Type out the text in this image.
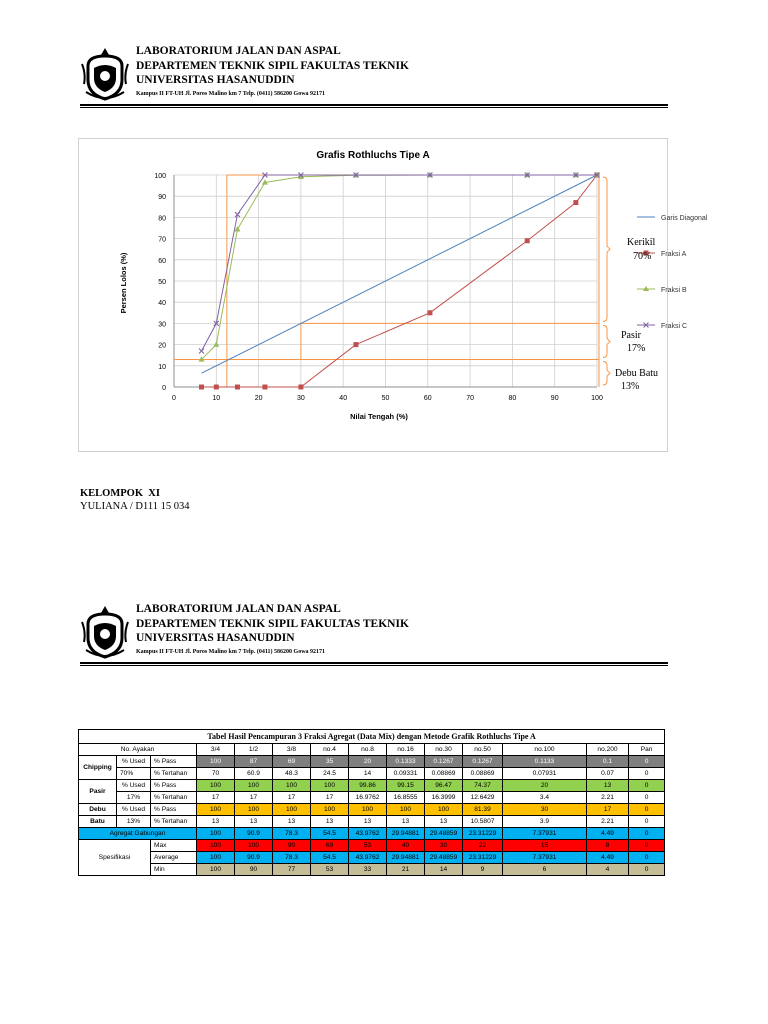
LABORATORIUM JALAN DAN ASPAL
DEPARTEMEN TEKNIK SIPIL FAKULTAS TEKNIK
UNIVERSITAS HASANUDDIN
Kampus II FT-UH Jl. Poros Malino km 7 Telp. (0411) 586200 Gowa 92171
Grafis Rothluchs Tipe A
0
10
20
30
40
50
60
70
80
90
100
0	10	20	30	40	50	60	70	80	90	100
Nilai Tengah (%)
Persen Lolos (%)
Garis Diagonal
Fraksi A
Fraksi B
Fraksi C
Kerikil
70%
Pasir
17%
Debu Batu
13%
KELOMPOK  XI
YULIANA / D111 15 034
LABORATORIUM JALAN DAN ASPAL
DEPARTEMEN TEKNIK SIPIL FAKULTAS TEKNIK
UNIVERSITAS HASANUDDIN
Kampus II FT-UH Jl. Poros Malino km 7 Telp. (0411) 586200 Gowa 92171
Tabel Hasil Pencampuran 3 Fraksi Agregat (Data Mix) dengan Metode Grafik Rothluchs Tipe A													
No. Ayakan			3/4	1/2	3/8	no.4	no.8	no.16	no.30	no.50	no.100	no.200	Pan
Chipping	% Used	% Pass	100	87	69	35	20	0.1333	0.1267	0.1267	0.1133	0.1	0
	70%	% Tertahan	70	60.9	48.3	24.5	14	0.09331	0.08869	0.08869	0.07931	0.07	0
Pasir	% Used	% Pass	100	100	100	100	99.86	99.15	96.47	74.37	20	13	0
	17%	% Tertahan	17	17	17	17	16.9762	16.8555	16.3999	12.6429	3.4	2.21	0
Debu	% Used	% Pass	100	100	100	100	100	100	100	81.39	30	17	0
Batu	13%	% Tertahan	13	13	13	13	13	13	13	10.5807	3.9	2.21	0
Agregat Gabungan			100	90.9	78.3	54.5	43.9762	29.94881	29.48859	23.31229	7.37931	4.49	0
Spesifikasi		Max	100	100	90	69	53	40	30	22	15	8	0
		Average	100	90.9	78.3	54.5	43.9762	29.94881	29.48859	23.31229	7.37931	4.49	0
		Min	100	90	77	53	33	21	14	9	6	4	0
